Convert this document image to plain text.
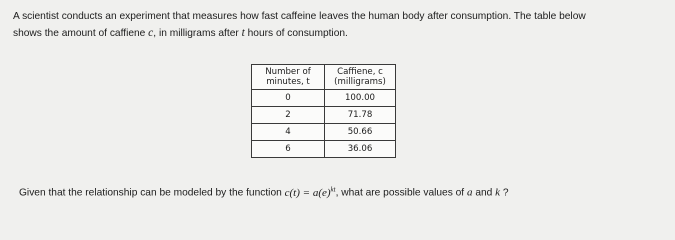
A scientist conducts an experiment that measures how fast caffeine leaves the human body after consumption. The table below

shows the amount of caffiene c, in milligrams after t hours of consumption.

Number of
minutes, t	Caffiene, c
(milligrams)

0	100.00
2	71.78
4	50.66
6	36.06
Given that the relationship can be modeled by the function $c(t) = a(e)^{kt}$, what are possible values of a and k ?
